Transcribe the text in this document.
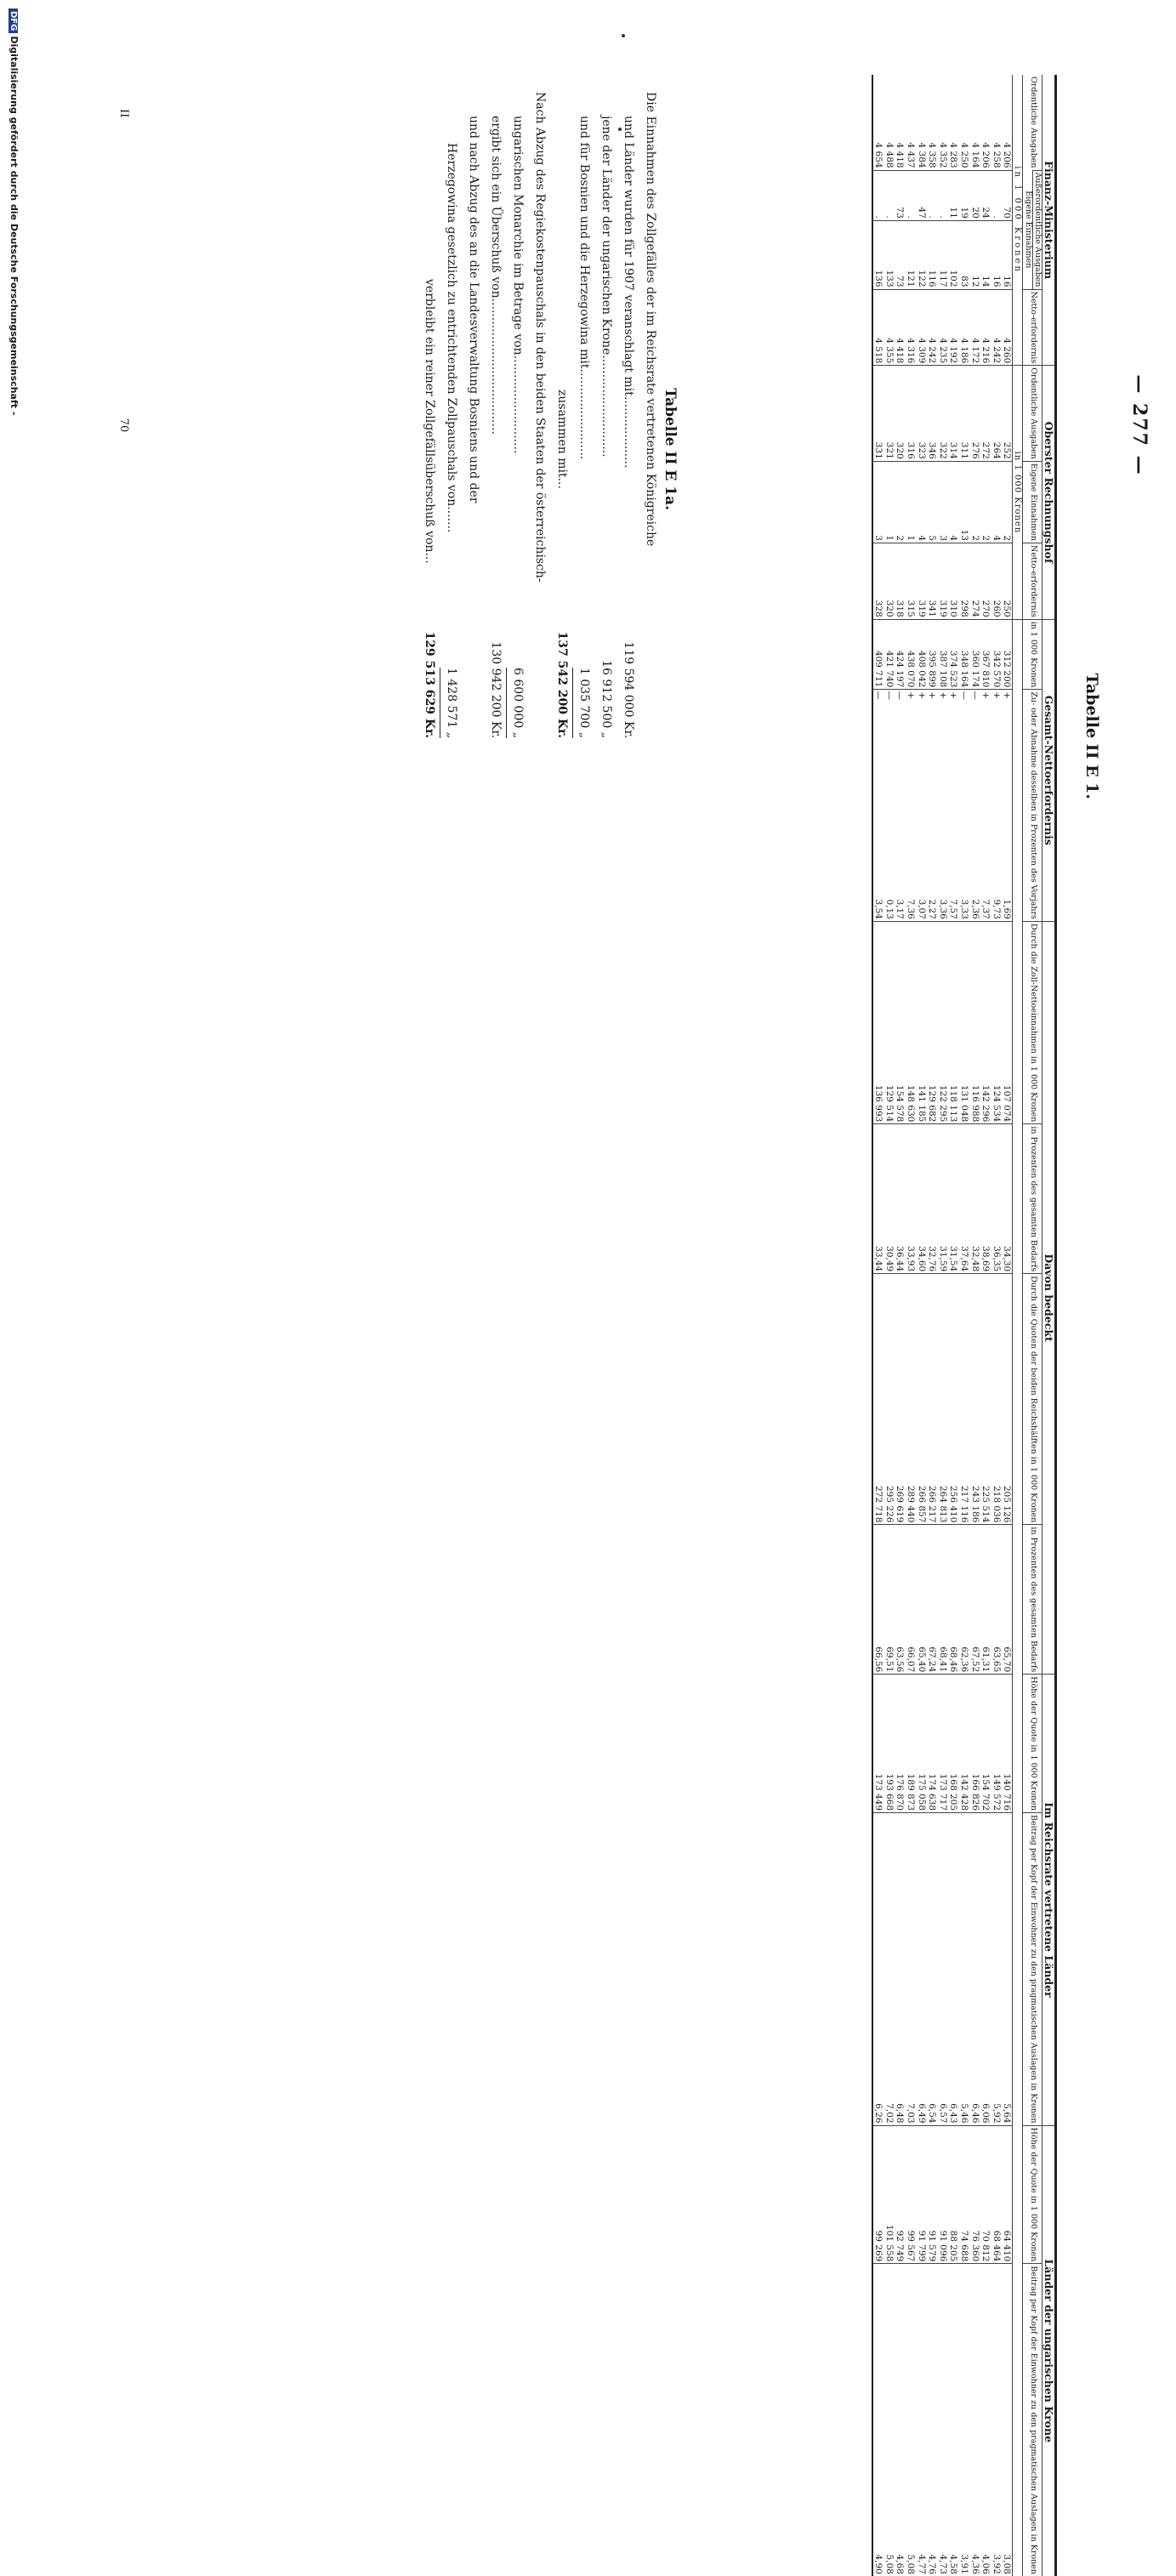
— 277 —
Tabelle II E 1.
Finanz-Ministerium				Oberster Rechnungshof			Gesamt-Nettoerfordernis			Davon bedeckt				Im Reichsrate vertretene Länder		Länder der ungarischen Krone	
Ordentliche Ausgaben	Außerordentliche Ausgaben		Netto-erfordernis	Ordentliche Ausgaben	Eigene Einnahmen	Netto-erfordernis	in 1 000 Kronen	Zu- oder Abnahme desselben in Prozenten des Vorjahrs		Durch die Zoll-Nettoeinnahmen in 1 000 Kronen	in Prozenten des gesamten Bedarfs	Durch die Quoten der beiden Reichshälften in 1 000 Kronen	in Prozenten des gesamten Bedarfs	Höhe der Quote in 1 000 Kronen	Beitrag per Kopf der Einwohner zu den pragmatischen Auslagen in Kronen	Höhe der Quote in 1 000 Kronen	Beitrag per Kopf der Einwohner zu den pragmatischen Auslagen in Kronen
	Eigene Einnahmen																
in 1 000 Kronen				in 1 000 Kronen													
4 206	70	16	4 260	252	2	250	312 200	+	1,69	107 074	34,30	205 126	65,70	140 716	5,64	64 410	3,08
4 258	.	16	4 242	264	4	260	342 570	+	9,73	124 534	36,35	218 036	63,65	149 572	5,92	68 464	3,92
4 206	24	14	4 216	272	2	270	367 810	+	7,37	142 296	38,69	225 514	61,31	154 702	6,06	70 812	4,06
4 164	20	12	4 172	276	2	274	360 174	—	2,36	116 988	32,48	243 186	67,52	166 826	6,46	76 360	4,36
4 250	19	83	4 186	311	13	298	348 164	—	3,33	131 048	37,64	217 116	62,36	142 428	5,46	74 688	3,91
4 283	11	102	4 192	314	4	310	374 523	+	7,57	118 113	31,54	256 410	68,46	168 205	6,43	88 205	4,58
4 352	.	117	4 235	322	3	319	387 108	+	3,36	122 295	31,59	264 813	68,41	173 717	6,57	91 096	4,73
4 358	.	116	4 242	346	5	341	395 899	+	2,27	129 682	32,76	266 217	67,24	174 638	6,54	91 579	4,76
4 384	47	122	4 309	323	4	319	408 042	+	3,07	141 185	34,60	266 857	65,40	175 058	6,49	91 799	4,77
4 437	.	121	4 316	316	1	315	438 070	+	7,36	148 630	33,93	289 440	66,07	189 873	7,03	99 567	5,08
4 418	73	73	4 418	320	2	318	424 197	—	3,17	154 578	36,44	269 619	63,56	176 870	6,48	92 749	4,68
4 488	.	133	4 355	321	1	320	421 740	—	0,13	129 514	30,49	295 226	69,51	193 668	7,02	101 558	5,08
4 654	.	136	4 518	331	3	328	409 711	—	3,54	136 993	33,44	272 718	66,56	173 449	6,26	99 269	4,90
Tabelle II E 1a.
Die Einnahmen des Zollgefälles der im Reichsrate vertretenen Königreiche
und Länder wurden für 1907 veranschlagt mit...................
119 594 000 Kr.
jene der Länder der ungarischen Krone...........................
16 912 500 „
und für Bosnien und die Herzegowina mit........................
1 035 700 „
zusammen mit...
137 542 200 Kr.
Nach Abzug des Regiekostenpauschals in den beiden Staaten der österreichisch-
ungarischen Monarchie im Betrage von..........................
6 600 000 „
ergibt sich ein Überschuß von....................................
130 942 200 Kr.
und nach Abzug des an die Landesverwaltung Bosniens und der
Herzegowina gesetzlich zu entrichtenden Zollpauschals von.......
1 428 571 „
verbleibt ein reiner Zollgefällsüberschuß von...
129 513 629 Kr.
II
70
DFGDigitalisierung gefördert durch die Deutsche Forschungsgemeinschaft -
